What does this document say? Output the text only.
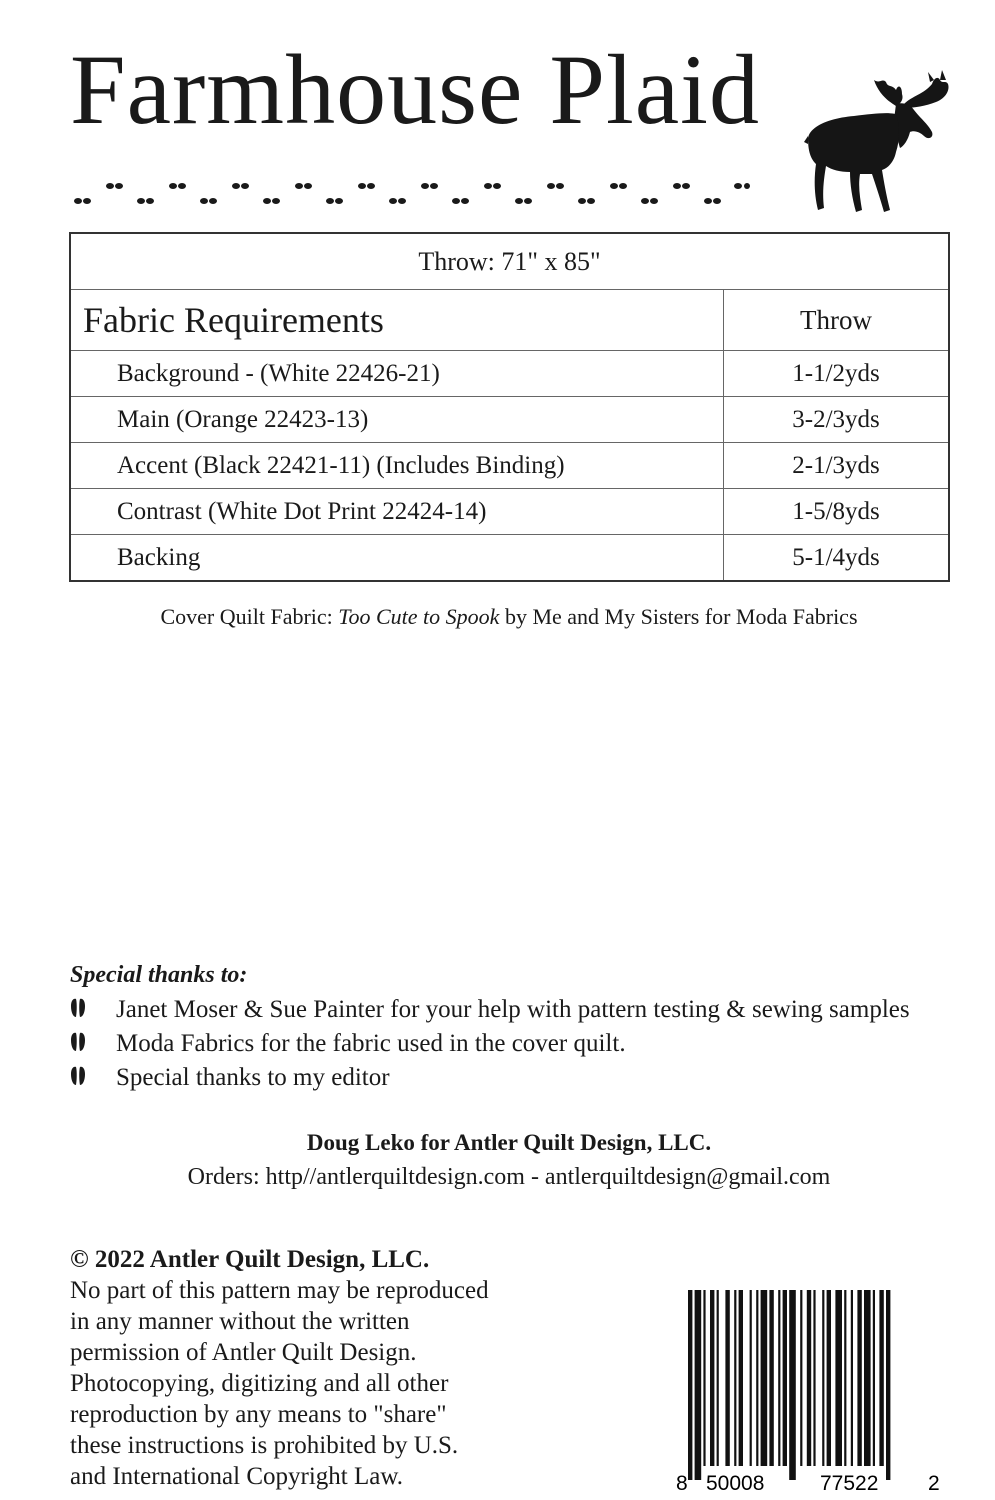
Farmhouse Plaid
Throw: 71" x 85"	
Fabric Requirements	Throw
Background - (White 22426-21)	1-1/2yds
Main (Orange 22423-13)	3-2/3yds
Accent (Black 22421-11) (Includes Binding)	2-1/3yds
Contrast (White Dot Print 22424-14)	1-5/8yds
Backing	5-1/4yds
Cover Quilt Fabric: Too Cute to Spook by Me and My Sisters for Moda Fabrics
Special thanks to:
Janet Moser & Sue Painter for your help with pattern testing & sewing samples
Moda Fabrics for the fabric used in the cover quilt.
Special thanks to my editor
Doug Leko for Antler Quilt Design, LLC.
Orders: http//antlerquiltdesign.com - antlerquiltdesign@gmail.com
© 2022 Antler Quilt Design, LLC.
No part of this pattern may be reproduced
in any manner without the written
permission of Antler Quilt Design.
Photocopying, digitizing and all other
reproduction by any means to "share"
these instructions is prohibited by U.S.
and International Copyright Law.	8 50008	77522 2
